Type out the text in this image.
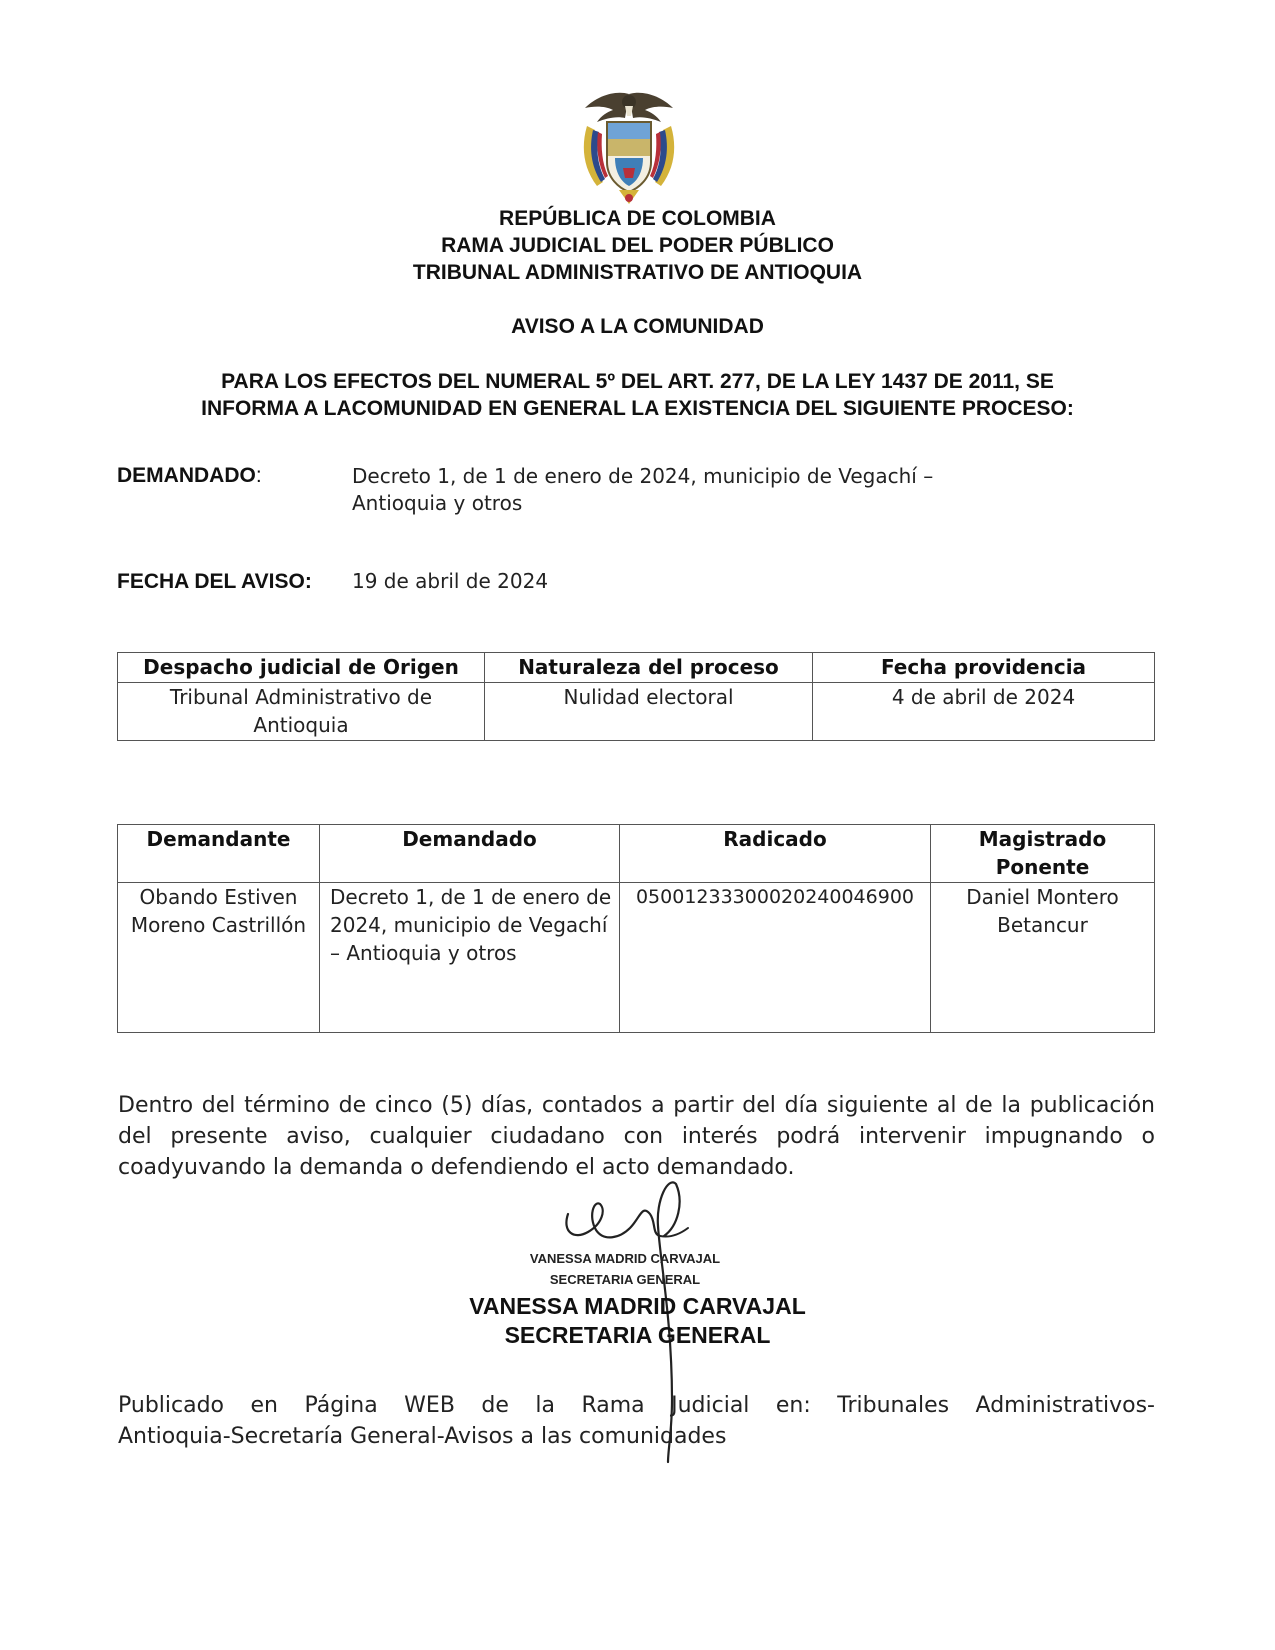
REPÚBLICA DE COLOMBIA
RAMA JUDICIAL DEL PODER PÚBLICO
TRIBUNAL ADMINISTRATIVO DE ANTIOQUIA
AVISO A LA COMUNIDAD
PARA LOS EFECTOS DEL NUMERAL 5º DEL ART. 277, DE LA LEY 1437 DE 2011, SE
INFORMA A LACOMUNIDAD EN GENERAL LA EXISTENCIA DEL SIGUIENTE PROCESO:
DEMANDADO:	Decreto 1, de 1 de enero de 2024, municipio de Vegachí –
Antioquia y otros
FECHA DEL AVISO: 19 de abril de 2024
Despacho judicial de Origen	Naturaleza del proceso	Fecha providencia
Tribunal Administrativo de Antioquia	Nulidad electoral	4 de abril de 2024
Demandante	Demandado	Radicado	Magistrado Ponente
Obando Estiven Moreno Castrillón	Decreto 1, de 1 de enero de 2024, municipio de Vegachí – Antioquia y otros	05001233300020240046900	Daniel Montero Betancur
Dentro del término de cinco (5) días, contados a partir del día siguiente al de la publicación del presente aviso, cualquier ciudadano con interés podrá intervenir impugnando o coadyuvando la demanda o defendiendo el acto demandado.
VANESSA MADRID CARVAJAL
SECRETARIA GENERAL
VANESSA MADRID CARVAJAL
SECRETARIA GENERAL
Publicado en Página WEB de la Rama Judicial en: Tribunales Administrativos-
Antioquia-Secretaría General-Avisos a las comunidades
